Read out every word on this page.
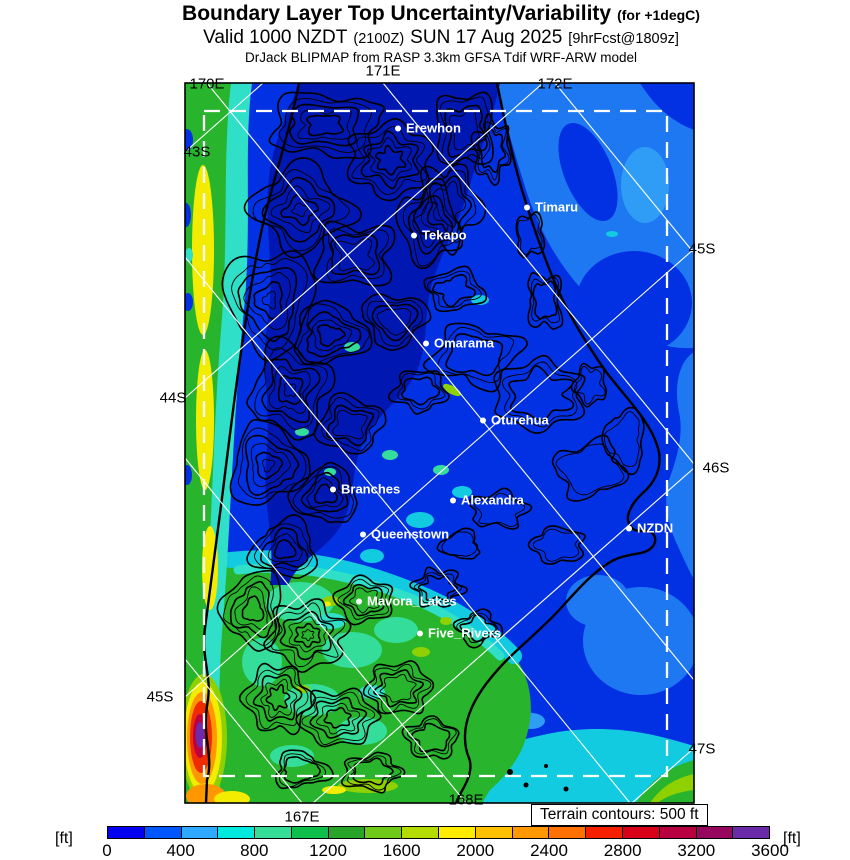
Boundary Layer Top Uncertainty/Variability (for +1degC)
Valid 1000 NZDT (2100Z) SUN 17 Aug 2025 [9hrFcst@1809z]
DrJack BLIPMAP from RASP 3.3km GFSA Tdif WRF-ARW model
170E
171E
172E
43S
44S
45S
45S
46S
47S
168E
167E
Erewhon
Timaru
Tekapo
Omarama
Oturehua
Branches
Alexandra
Queenstown	NZDN
Mavora_Lakes
Five_Rivers
Terrain contours: 500 ft
[ft]
0	400	800 1200 1600 2000 2400 2800 3200 3600
[ft]
